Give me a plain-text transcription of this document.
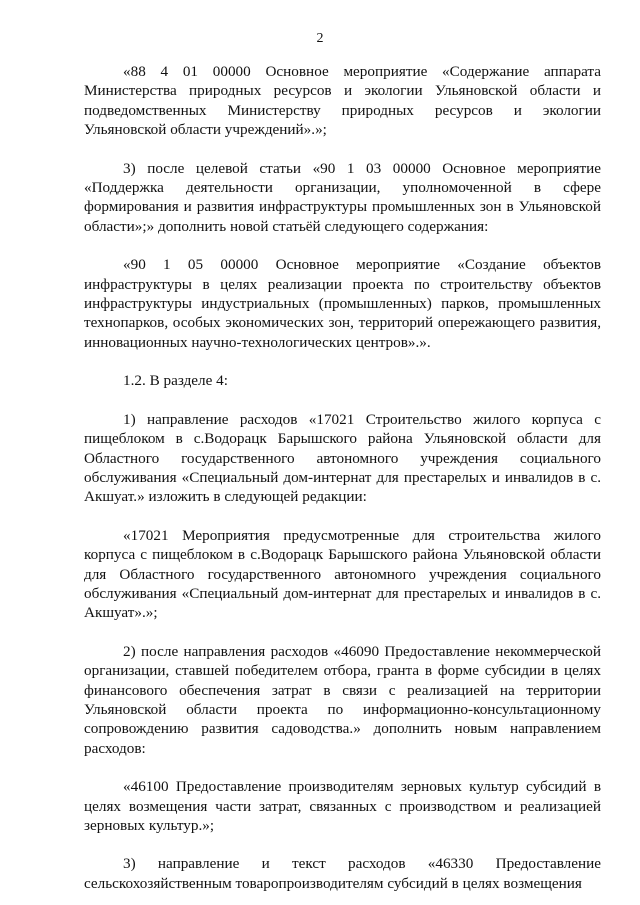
2

«88 4 01 00000 Основное мероприятие «Содержание аппарата Министерства природных ресурсов и экологии Ульяновской области и подведомственных Министерству природных ресурсов и экологии Ульяновской области учреждений».»;

3) после целевой статьи «90 1 03 00000 Основное мероприятие «Поддержка деятельности организации, уполномоченной в сфере формирования и развития инфраструктуры промышленных зон в Ульяновской области»;» дополнить новой статьёй следующего содержания:

«90 1 05 00000 Основное мероприятие «Создание объектов инфраструктуры в целях реализации проекта по строительству объектов инфраструктуры индустриальных (промышленных) парков, промышленных технопарков, особых экономических зон, территорий опережающего развития, инновационных научно-технологических центров».».

1.2. В разделе 4:

1) направление расходов «17021 Строительство жилого корпуса с пищеблоком в с.Водорацк Барышского района Ульяновской области для Областного государственного автономного учреждения социального обслуживания «Специальный дом-интернат для престарелых и инвалидов в с. Акшуат.» изложить в следующей редакции:

«17021 Мероприятия предусмотренные для строительства жилого корпуса с пищеблоком в с.Водорацк Барышского района Ульяновской области для Областного государственного автономного учреждения социального обслуживания «Специальный дом-интернат для престарелых и инвалидов в с. Акшуат».»;

2) после направления расходов «46090 Предоставление некоммерческой организации, ставшей победителем отбора, гранта в форме субсидии в целях финансового обеспечения затрат в связи с реализацией на территории Ульяновской области проекта по информационно-консультационному сопровождению развития садоводства.» дополнить новым направлением расходов:

«46100 Предоставление производителям зерновых культур субсидий в целях возмещения части затрат, связанных с производством и реализацией зерновых культур.»;

3) направление и текст расходов «46330 Предоставление сельскохозяйственным товаропроизводителям субсидий в целях возмещения
